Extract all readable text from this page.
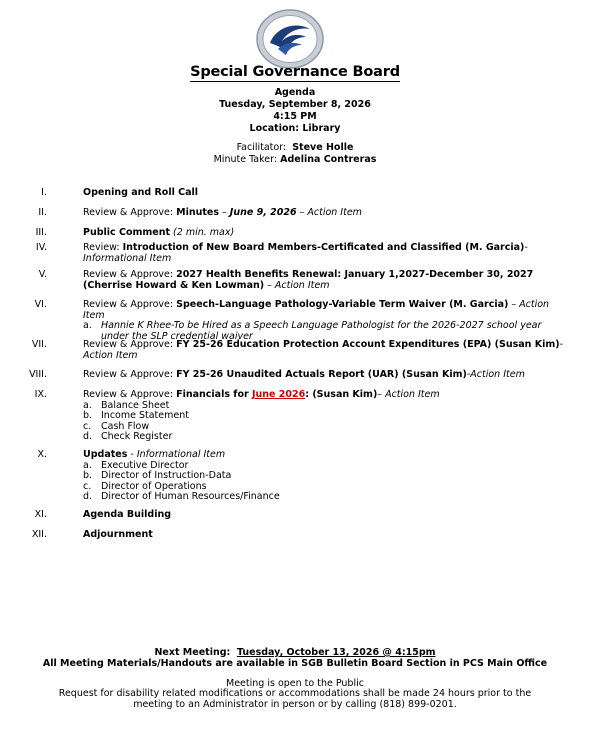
Special Governance Board
Agenda
Tuesday, September 8, 2026
4:15 PM
Location: Library
Facilitator: Steve Holle
Minute Taker: Adelina Contreras
I.	Opening and Roll Call
II.	Review & Approve: Minutes – June 9, 2026 – Action Item
III.	Public Comment (2 min. max)
IV.	Review: Introduction of New Board Members-Certificated and Classified (M. Garcia)- Informational Item
V.	Review & Approve: 2027 Health Benefits Renewal: January 1,2027-December 30, 2027 (Cherrise Howard & Ken Lowman) – Action Item
VI.	Review & Approve: Speech-Language Pathology-Variable Term Waiver (M. Garcia) – Action Item
a. Hannie K Rhee-To be Hired as a Speech Language Pathologist for the 2026-2027 school year under the SLP credential waiver
VII.	Review & Approve: FY 25-26 Education Protection Account Expenditures (EPA) (Susan Kim)-Action Item
VIII.	Review & Approve: FY 25-26 Unaudited Actuals Report (UAR) (Susan Kim)-Action Item
IX.	Review & Approve: Financials for June 2026: (Susan Kim)– Action Item
a. Balance Sheet
b. Income Statement
c. Cash Flow
d. Check Register
X.	Updates - Informational Item
a. Executive Director
b. Director of Instruction-Data
c. Director of Operations
d. Director of Human Resources/Finance
XI.	Agenda Building
XII.	Adjournment
Next Meeting: Tuesday, October 13, 2026 @ 4:15pm
All Meeting Materials/Handouts are available in SGB Bulletin Board Section in PCS Main Office
Meeting is open to the Public
Request for disability related modifications or accommodations shall be made 24 hours prior to the meeting to an Administrator in person or by calling (818) 899-0201.
